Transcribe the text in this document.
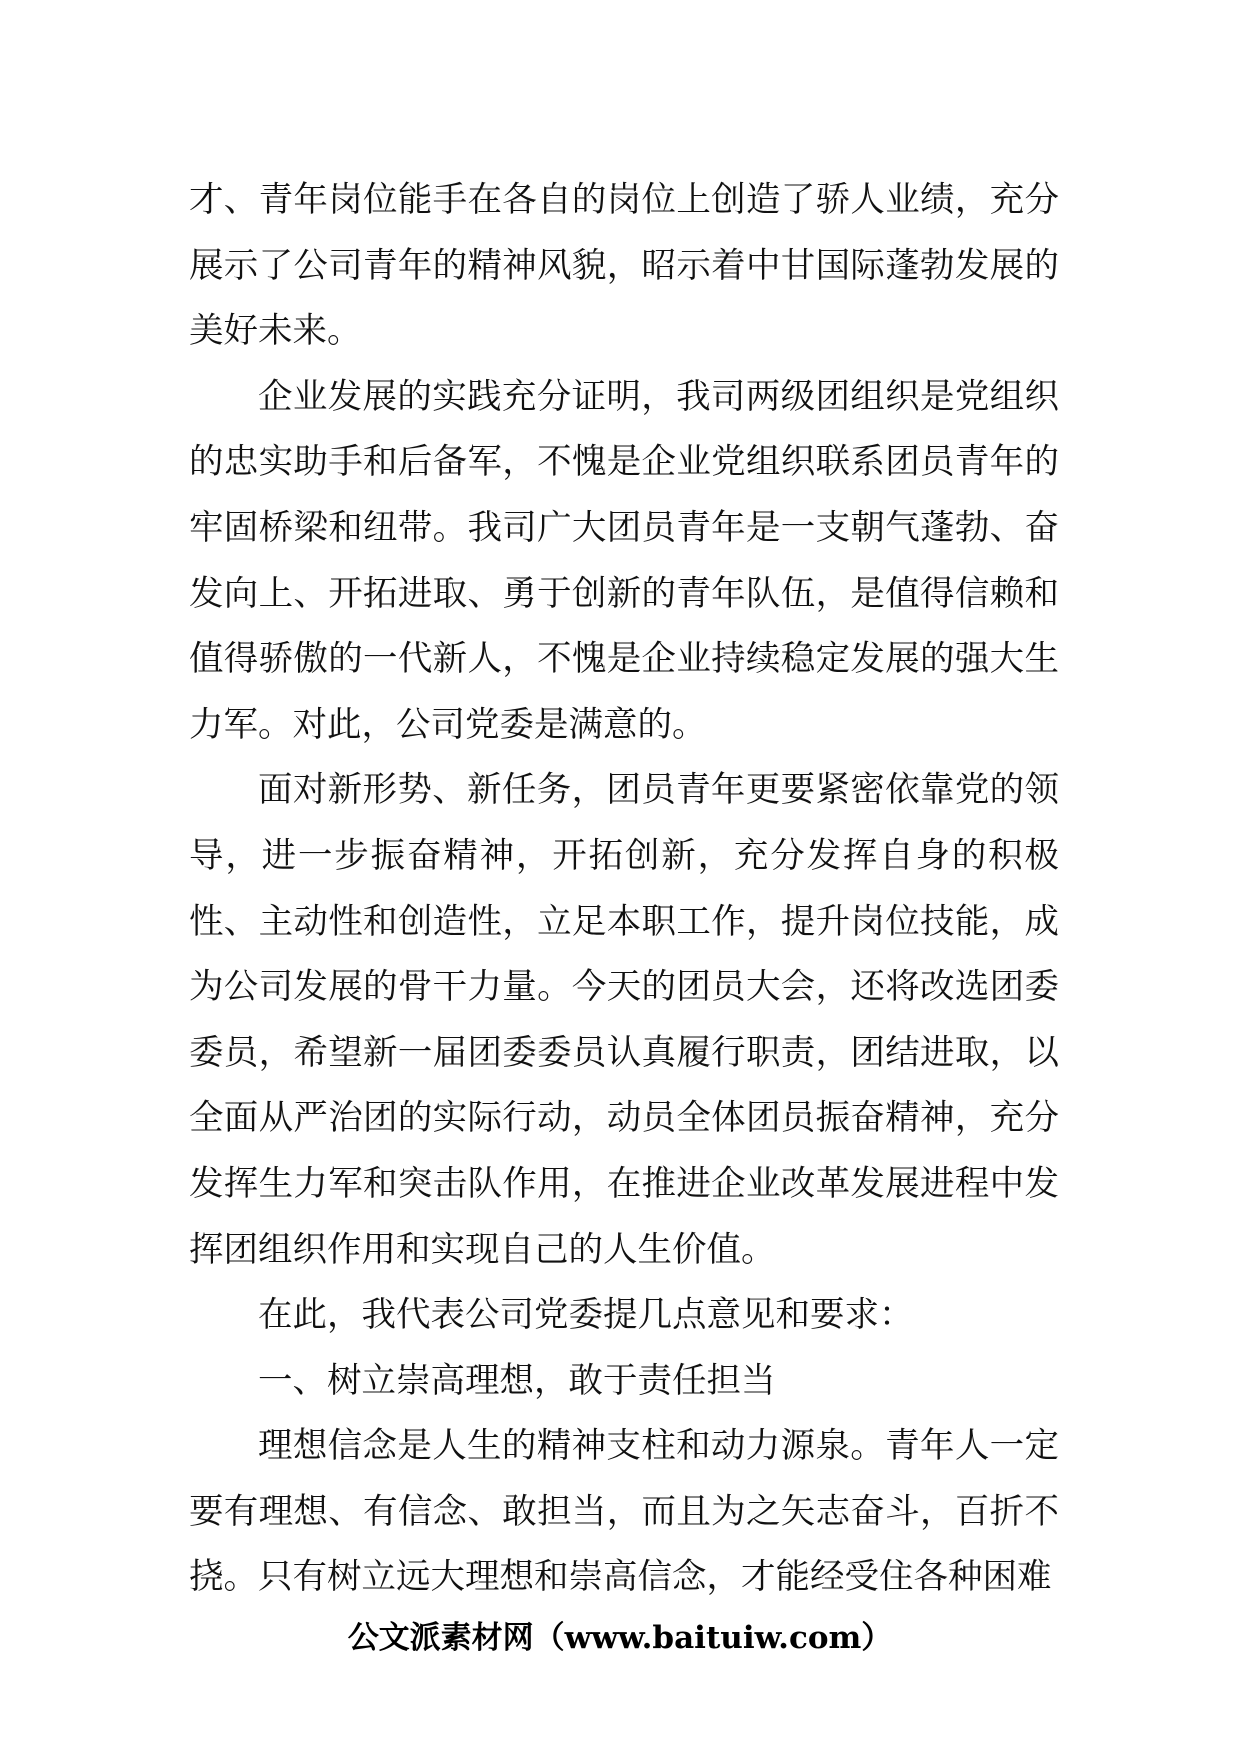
才、青年岗位能手在各自的岗位上创造了骄人业绩，充分展示了公司青年的精神风貌，昭示着中甘国际蓬勃发展的美好未来。

企业发展的实践充分证明，我司两级团组织是党组织的忠实助手和后备军，不愧是企业党组织联系团员青年的牢固桥梁和纽带。我司广大团员青年是一支朝气蓬勃、奋发向上、开拓进取、勇于创新的青年队伍，是值得信赖和值得骄傲的一代新人，不愧是企业持续稳定发展的强大生力军。对此，公司党委是满意的。

面对新形势、新任务，团员青年更要紧密依靠党的领导，进一步振奋精神，开拓创新，充分发挥自身的积极性、主动性和创造性，立足本职工作，提升岗位技能，成为公司发展的骨干力量。今天的团员大会，还将改选团委委员，希望新一届团委委员认真履行职责，团结进取，以全面从严治团的实际行动，动员全体团员振奋精神，充分发挥生力军和突击队作用，在推进企业改革发展进程中发挥团组织作用和实现自己的人生价值。

在此，我代表公司党委提几点意见和要求：

一、树立崇高理想，敢于责任担当

理想信念是人生的精神支柱和动力源泉。青年人一定要有理想、有信念、敢担当，而且为之矢志奋斗，百折不挠。只有树立远大理想和崇高信念，才能经受住各种困难

公文派素材网（www.baituiw.com）
